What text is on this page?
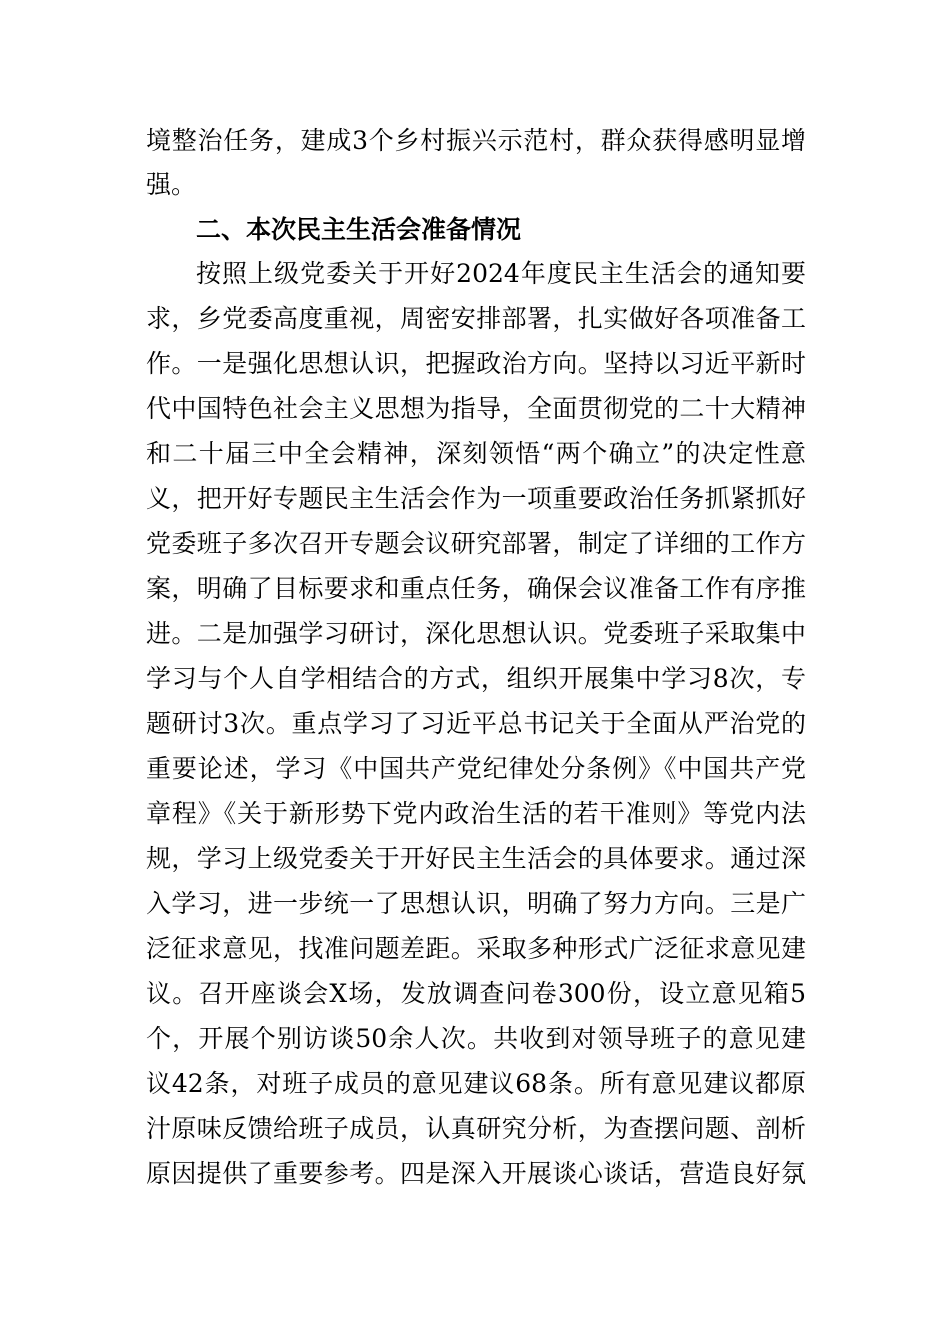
境整治任务，建成3个乡村振兴示范村，群众获得感明显增
强。
二、本次民主生活会准备情况
按照上级党委关于开好2024年度民主生活会的通知要
求，乡党委高度重视，周密安排部署，扎实做好各项准备工
作。一是强化思想认识，把握政治方向。坚持以习近平新时
代中国特色社会主义思想为指导，全面贯彻党的二十大精神
和二十届三中全会精神，深刻领悟“两个确立”的决定性意
义，把开好专题民主生活会作为一项重要政治任务抓紧抓好
党委班子多次召开专题会议研究部署，制定了详细的工作方
案，明确了目标要求和重点任务，确保会议准备工作有序推
进。二是加强学习研讨，深化思想认识。党委班子采取集中
学习与个人自学相结合的方式，组织开展集中学习8次，专
题研讨3次。重点学习了习近平总书记关于全面从严治党的
重要论述，学习《中国共产党纪律处分条例》《中国共产党
章程》《关于新形势下党内政治生活的若干准则》等党内法
规，学习上级党委关于开好民主生活会的具体要求。通过深
入学习，进一步统一了思想认识，明确了努力方向。三是广
泛征求意见，找准问题差距。采取多种形式广泛征求意见建
议。召开座谈会X场，发放调查问卷300份，设立意见箱5
个，开展个别访谈50余人次。共收到对领导班子的意见建
议42条，对班子成员的意见建议68条。所有意见建议都原
汁原味反馈给班子成员，认真研究分析，为查摆问题、剖析
原因提供了重要参考。四是深入开展谈心谈话，营造良好氛
